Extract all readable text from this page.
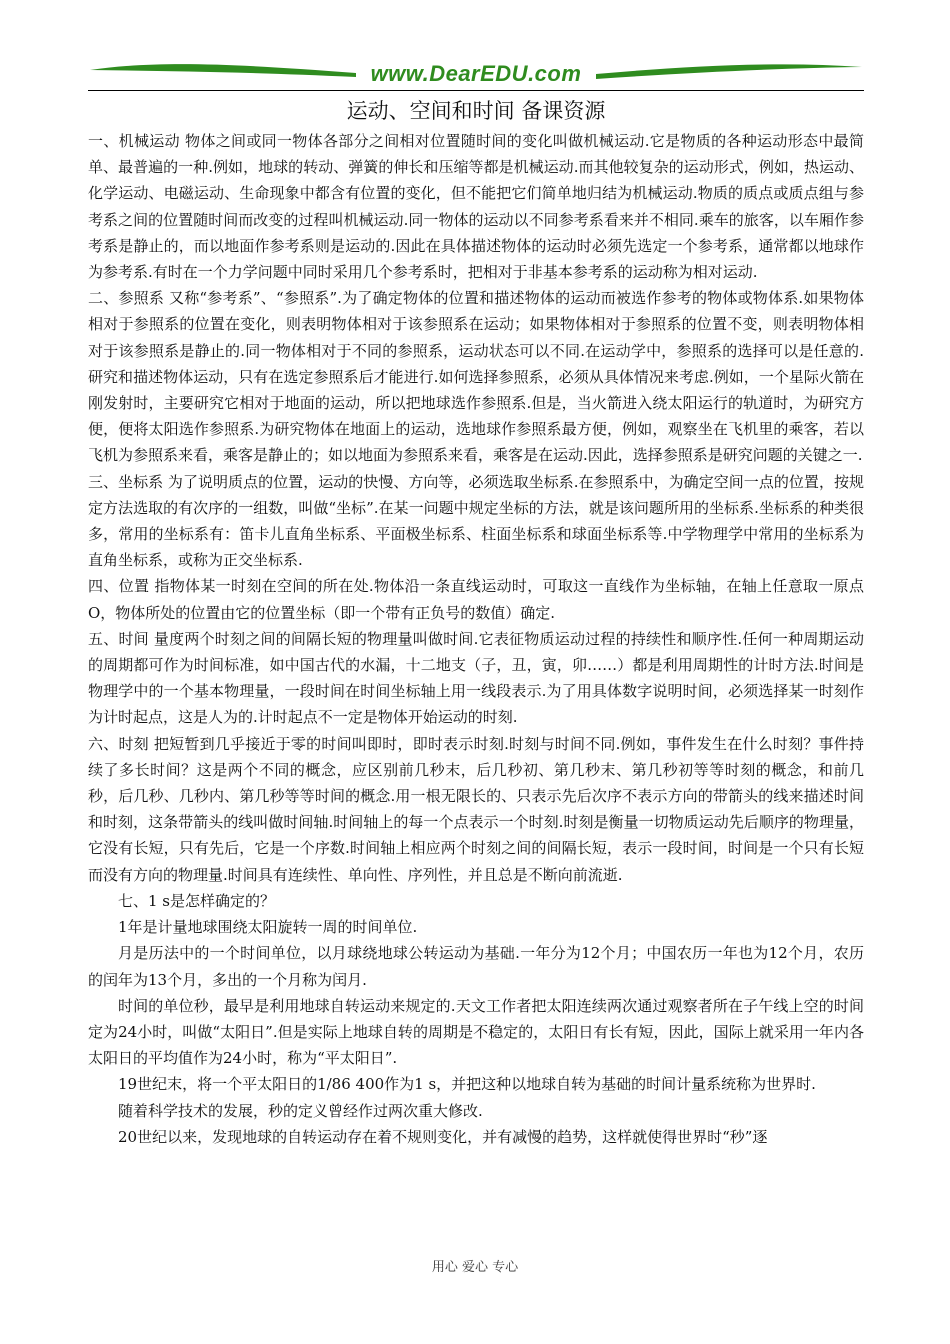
www.DearEDU.com
运动、空间和时间 备课资源

一、机械运动 物体之间或同一物体各部分之间相对位置随时间的变化叫做机械运动.它是物质的各种运动形态中最简单、最普遍的一种.例如，地球的转动、弹簧的伸长和压缩等都是机械运动.而其他较复杂的运动形式，例如，热运动、化学运动、电磁运动、生命现象中都含有位置的变化，但不能把它们简单地归结为机械运动.物质的质点或质点组与参考系之间的位置随时间而改变的过程叫机械运动.同一物体的运动以不同参考系看来并不相同.乘车的旅客，以车厢作参考系是静止的，而以地面作参考系则是运动的.因此在具体描述物体的运动时必须先选定一个参考系，通常都以地球作为参考系.有时在一个力学问题中同时采用几个参考系时，把相对于非基本参考系的运动称为相对运动.

二、参照系 又称“参考系”、“参照系”.为了确定物体的位置和描述物体的运动而被选作参考的物体或物体系.如果物体相对于参照系的位置在变化，则表明物体相对于该参照系在运动；如果物体相对于参照系的位置不变，则表明物体相对于该参照系是静止的.同一物体相对于不同的参照系，运动状态可以不同.在运动学中，参照系的选择可以是任意的.研究和描述物体运动，只有在选定参照系后才能进行.如何选择参照系，必须从具体情况来考虑.例如，一个星际火箭在刚发射时，主要研究它相对于地面的运动，所以把地球选作参照系.但是，当火箭进入绕太阳运行的轨道时，为研究方便，便将太阳选作参照系.为研究物体在地面上的运动，选地球作参照系最方便，例如，观察坐在飞机里的乘客，若以飞机为参照系来看，乘客是静止的；如以地面为参照系来看，乘客是在运动.因此，选择参照系是研究问题的关键之一.

三、坐标系 为了说明质点的位置，运动的快慢、方向等，必须选取坐标系.在参照系中，为确定空间一点的位置，按规定方法选取的有次序的一组数，叫做“坐标”.在某一问题中规定坐标的方法，就是该问题所用的坐标系.坐标系的种类很多，常用的坐标系有：笛卡儿直角坐标系、平面极坐标系、柱面坐标系和球面坐标系等.中学物理学中常用的坐标系为直角坐标系，或称为正交坐标系.

四、位置 指物体某一时刻在空间的所在处.物体沿一条直线运动时，可取这一直线作为坐标轴，在轴上任意取一原点O，物体所处的位置由它的位置坐标（即一个带有正负号的数值）确定.

五、时间 量度两个时刻之间的间隔长短的物理量叫做时间.它表征物质运动过程的持续性和顺序性.任何一种周期运动的周期都可作为时间标准，如中国古代的水漏，十二地支（子，丑，寅，卯……）都是利用周期性的计时方法.时间是物理学中的一个基本物理量，一段时间在时间坐标轴上用一线段表示.为了用具体数字说明时间，必须选择某一时刻作为计时起点，这是人为的.计时起点不一定是物体开始运动的时刻.

六、时刻 把短暂到几乎接近于零的时间叫即时，即时表示时刻.时刻与时间不同.例如，事件发生在什么时刻？事件持续了多长时间？这是两个不同的概念，应区别前几秒末，后几秒初、第几秒末、第几秒初等等时刻的概念，和前几秒，后几秒、几秒内、第几秒等等时间的概念.用一根无限长的、只表示先后次序不表示方向的带箭头的线来描述时间和时刻，这条带箭头的线叫做时间轴.时间轴上的每一个点表示一个时刻.时刻是衡量一切物质运动先后顺序的物理量，它没有长短，只有先后，它是一个序数.时间轴上相应两个时刻之间的间隔长短，表示一段时间，时间是一个只有长短而没有方向的物理量.时间具有连续性、单向性、序列性，并且总是不断向前流逝.

七、1 s是怎样确定的？

1年是计量地球围绕太阳旋转一周的时间单位.

月是历法中的一个时间单位，以月球绕地球公转运动为基础.一年分为12个月；中国农历一年也为12个月，农历的闰年为13个月，多出的一个月称为闰月.

时间的单位秒，最早是利用地球自转运动来规定的.天文工作者把太阳连续两次通过观察者所在子午线上空的时间定为24小时，叫做“太阳日”.但是实际上地球自转的周期是不稳定的，太阳日有长有短，因此，国际上就采用一年内各太阳日的平均值作为24小时，称为“平太阳日”.

19世纪末，将一个平太阳日的1/86 400作为1 s，并把这种以地球自转为基础的时间计量系统称为世界时.

随着科学技术的发展，秒的定义曾经作过两次重大修改.

20世纪以来，发现地球的自转运动存在着不规则变化，并有减慢的趋势，这样就使得世界时“秒”逐

用心 爱心 专心
